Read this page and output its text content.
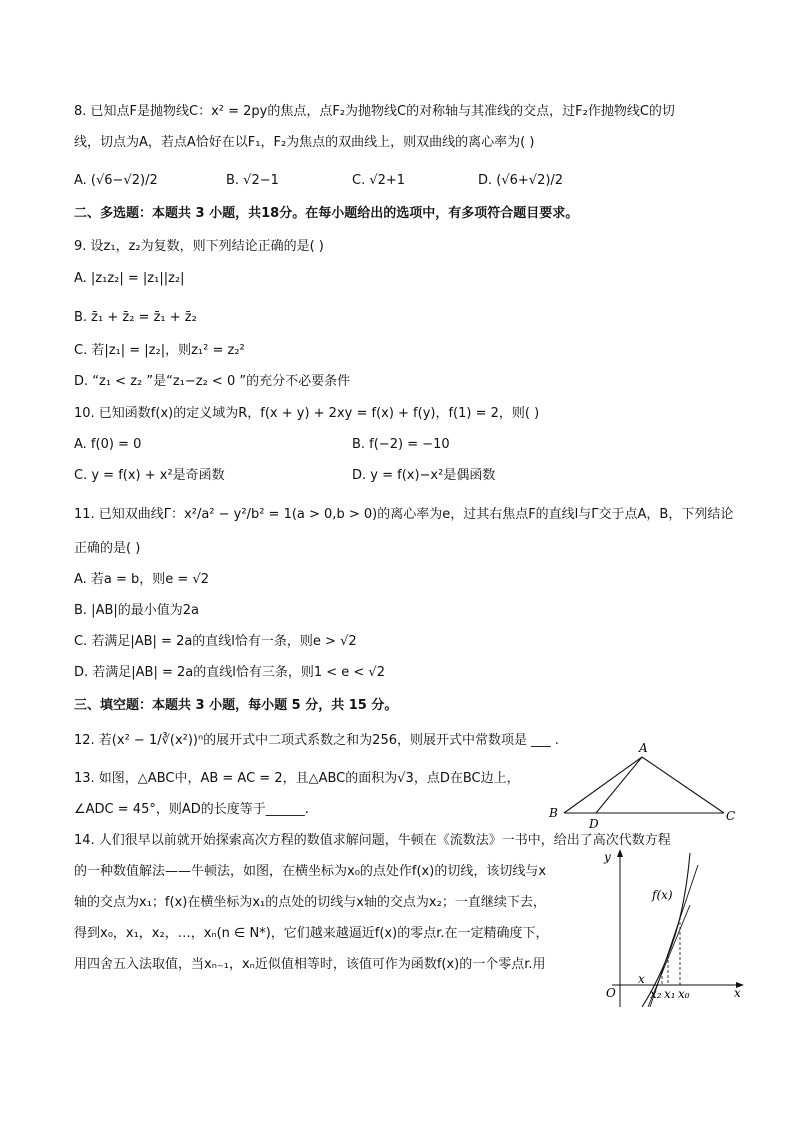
8. 已知点F是抛物线C：x² = 2py的焦点，点F₂为抛物线C的对称轴与其准线的交点，过F₂作抛物线C的切
线，切点为A，若点A恰好在以F₁，F₂为焦点的双曲线上，则双曲线的离心率为( )
A. (√6−√2)/2	B. √2−1	C. √2+1	D. (√6+√2)/2
二、多选题：本题共 3 小题，共18分。在每小题给出的选项中，有多项符合题目要求。
9. 设z₁，z₂为复数，则下列结论正确的是( )
A. |z₁z₂| = |z₁||z₂|
B. z̄₁ + z̄₂ = z̄₁ + z̄₂
C. 若|z₁| = |z₂|，则z₁² = z₂²
D. “z₁ < z₂ ”是“z₁−z₂ < 0 ”的充分不必要条件
10. 已知函数f(x)的定义域为R，f(x + y) + 2xy = f(x) + f(y)，f(1) = 2，则( )
A. f(0) = 0	B. f(−2) = −10
C. y = f(x) + x²是奇函数	D. y = f(x)−x²是偶函数
11. 已知双曲线Γ：x²/a² − y²/b² = 1(a > 0,b > 0)的离心率为e，过其右焦点F的直线l与Γ交于点A，B，下列结论
正确的是( )
A. 若a = b，则e = √2
B. |AB|的最小值为2a
C. 若满足|AB| = 2a的直线l恰有一条，则e > √2
D. 若满足|AB| = 2a的直线l恰有三条，则1 < e < √2
三、填空题：本题共 3 小题，每小题 5 分，共 15 分。
12. 若(x² − 1/∛(x²))ⁿ的展开式中二项式系数之和为256，则展开式中常数项是 ___ .
13. 如图，△ABC中，AB = AC = 2，且△ABC的面积为√3，点D在BC边上，
∠ADC = 45°，则AD的长度等于______.
A
B	C
D
14. 人们很早以前就开始探索高次方程的数值求解问题，牛顿在《流数法》一书中，给出了高次代数方程
的一种数值解法——牛顿法，如图，在横坐标为x₀的点处作f(x)的切线，该切线与x
轴的交点为x₁；f(x)在横坐标为x₁的点处的切线与x轴的交点为x₂；一直继续下去，
得到x₀，x₁，x₂，…，xₙ(n ∈ N*)，它们越来越逼近f(x)的零点r.在一定精确度下，
用四舍五入法取值，当xₙ₋₁，xₙ近似值相等时，该值可作为函数f(x)的一个零点r.用
y
x
O
f(x)
x
x₂ x₁ x₀
